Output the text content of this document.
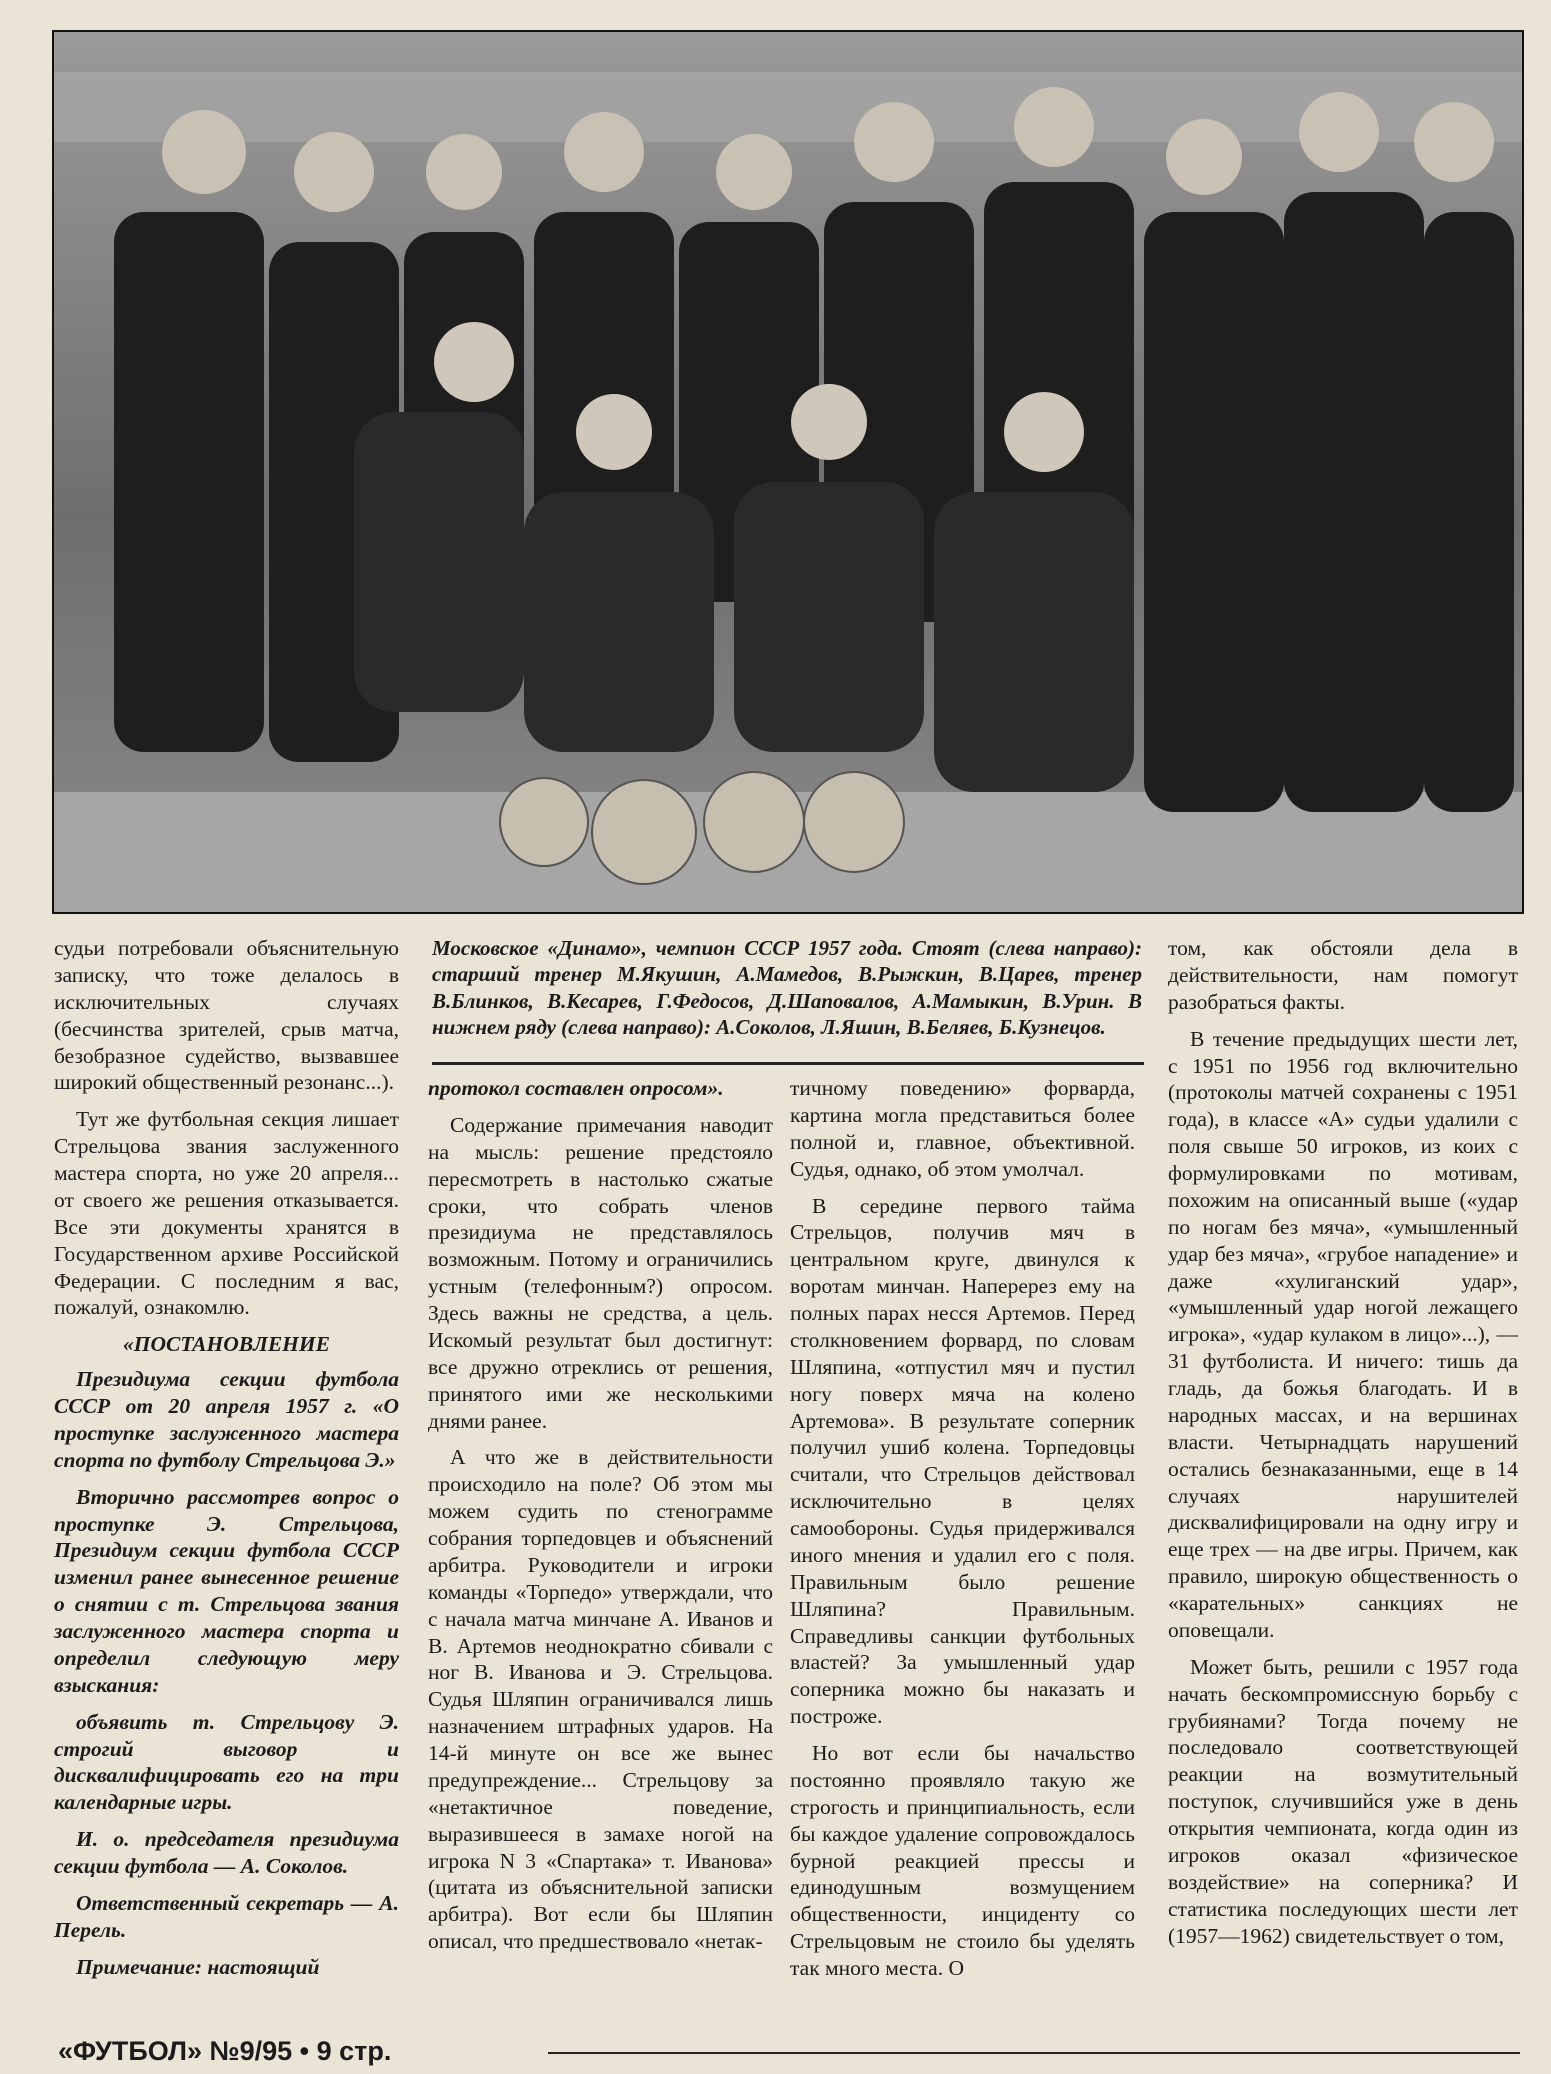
Московское «Динамо», чемпион СССР 1957 года. Стоят (слева направо): старший тренер М.Якушин, А.Мамедов, В.Рыжкин, В.Царев, тренер В.Блинков, В.Кесарев, Г.Федосов, Д.Шаповалов, А.Мамыкин, В.Урин. В нижнем ряду (слева направо): А.Соколов, Л.Яшин, В.Беляев, Б.Кузнецов.

судьи потребовали объяснительную записку, что тоже делалось в исключительных случаях (бесчинства зрителей, срыв матча, безобразное судейство, вызвавшее широкий общественный резонанс...).

Тут же футбольная секция лишает Стрельцова звания заслуженного мастера спорта, но уже 20 апреля... от своего же решения отказывается. Все эти документы хранятся в Государственном архиве Российской Федерации. С последним я вас, пожалуй, ознакомлю.

«ПОСТАНОВЛЕНИЕ

Президиума секции футбола СССР от 20 апреля 1957 г. «О проступке заслуженного мастера спорта по футболу Стрельцова Э.»

Вторично рассмотрев вопрос о проступке Э. Стрельцова, Президиум секции футбола СССР изменил ранее вынесенное решение о снятии с т. Стрельцова звания заслуженного мастера спорта и определил следующую меру взыскания:

объявить т. Стрельцову Э. строгий выговор и дисквалифицировать его на три календарные игры.

И. о. председателя президиума секции футбола — А. Соколов.

Ответственный секретарь — А. Перель.

Примечание: настоящий

протокол составлен опросом».

Содержание примечания наводит на мысль: решение предстояло пересмотреть в настолько сжатые сроки, что собрать членов президиума не представлялось возможным. Потому и ограничились устным (телефонным?) опросом. Здесь важны не средства, а цель. Искомый результат был достигнут: все дружно отреклись от решения, принятого ими же несколькими днями ранее.

А что же в действительности происходило на поле? Об этом мы можем судить по стенограмме собрания торпедовцев и объяснений арбитра. Руководители и игроки команды «Торпедо» утверждали, что с начала матча минчане А. Иванов и В. Артемов неоднократно сбивали с ног В. Иванова и Э. Стрельцова. Судья Шляпин ограничивался лишь назначением штрафных ударов. На 14-й минуте он все же вынес предупреждение... Стрельцову за «нетактичное поведение, выразившееся в замахе ногой на игрока N 3 «Спартака» т. Иванова» (цитата из объяснительной записки арбитра). Вот если бы Шляпин описал, что предшествовало «нетак-

тичному поведению» форварда, картина могла представиться более полной и, главное, объективной. Судья, однако, об этом умолчал.

В середине первого тайма Стрельцов, получив мяч в центральном круге, двинулся к воротам минчан. Наперерез ему на полных парах несся Артемов. Перед столкновением форвард, по словам Шляпина, «отпустил мяч и пустил ногу поверх мяча на колено Артемова». В результате соперник получил ушиб колена. Торпедовцы считали, что Стрельцов действовал исключительно в целях самообороны. Судья придерживался иного мнения и удалил его с поля. Правильным было решение Шляпина? Правильным. Справедливы санкции футбольных властей? За умышленный удар соперника можно бы наказать и построже.

Но вот если бы начальство постоянно проявляло такую же строгость и принципиальность, если бы каждое удаление сопровождалось бурной реакцией прессы и единодушным возмущением общественности, инциденту со Стрельцовым не стоило бы уделять так много места. О

том, как обстояли дела в действительности, нам помогут разобраться факты.

В течение предыдущих шести лет, с 1951 по 1956 год включительно (протоколы матчей сохранены с 1951 года), в классе «А» судьи удалили с поля свыше 50 игроков, из коих с формулировками по мотивам, похожим на описанный выше («удар по ногам без мяча», «умышленный удар без мяча», «грубое нападение» и даже «хулиганский удар», «умышленный удар ногой лежащего игрока», «удар кулаком в лицо»...), — 31 футболиста. И ничего: тишь да гладь, да божья благодать. И в народных массах, и на вершинах власти. Четырнадцать нарушений остались безнаказанными, еще в 14 случаях нарушителей дисквалифицировали на одну игру и еще трех — на две игры. Причем, как правило, широкую общественность о «карательных» санкциях не оповещали.

Может быть, решили с 1957 года начать бескомпромиссную борьбу с грубиянами? Тогда почему не последовало соответствующей реакции на возмутительный поступок, случившийся уже в день открытия чемпионата, когда один из игроков оказал «физическое воздействие» на соперника? И статистика последующих шести лет (1957—1962) свидетельствует о том,

«ФУТБОЛ» №9/95 • 9 стр.
